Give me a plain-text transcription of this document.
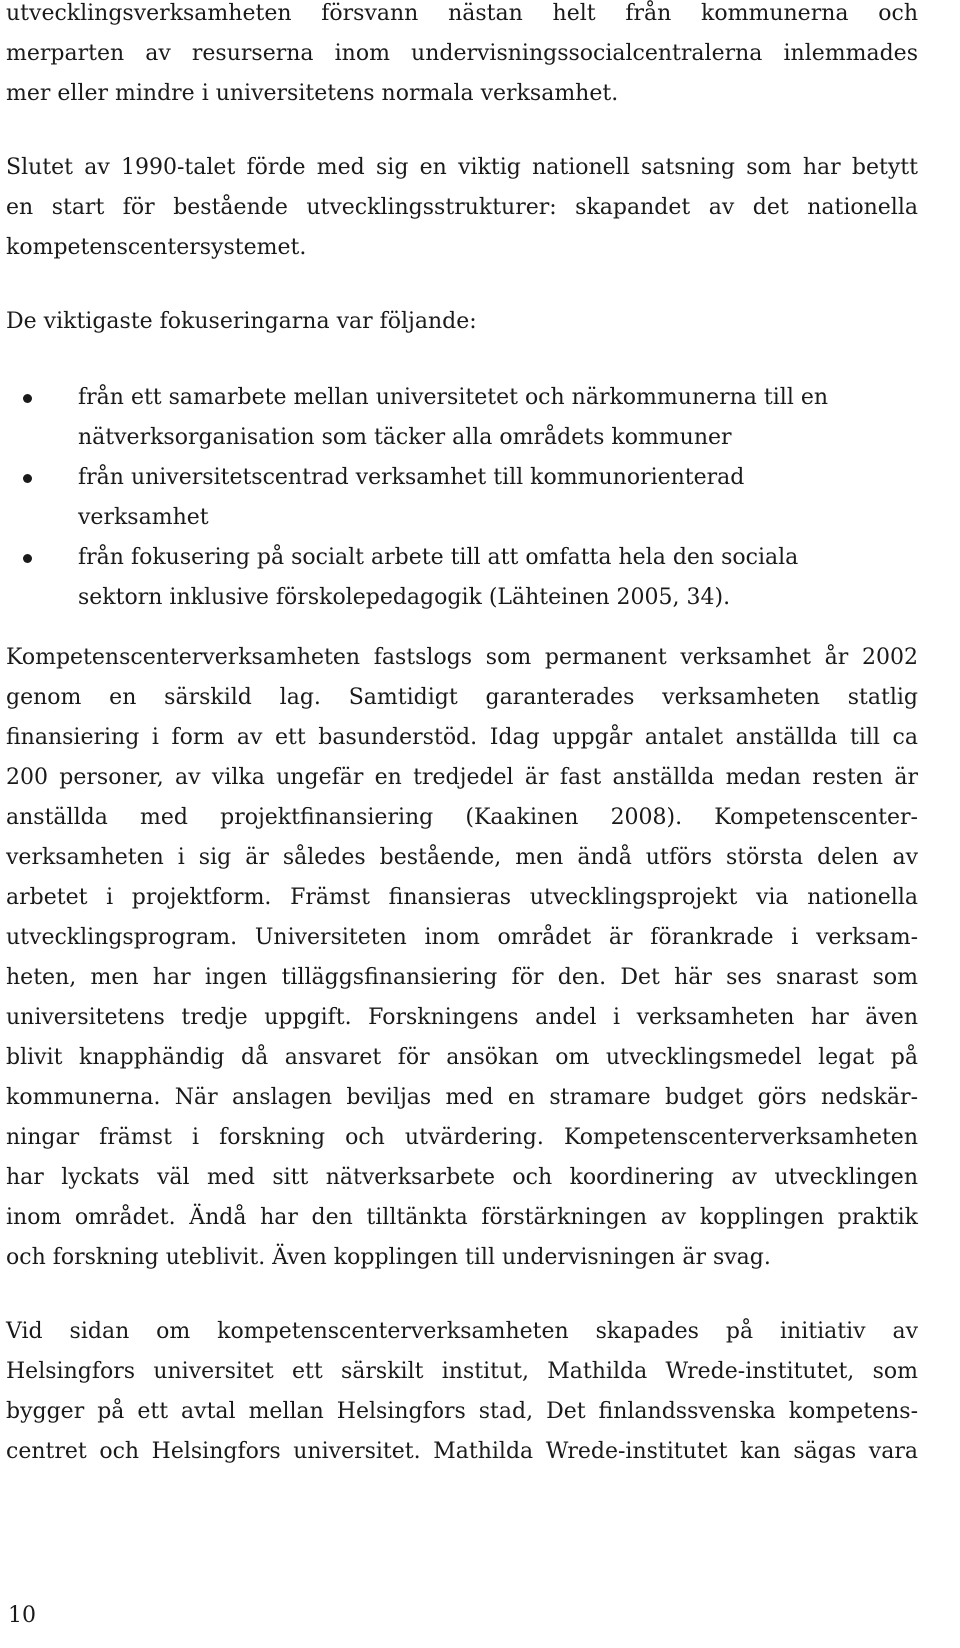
utvecklingsverksamheten försvann nästan helt från kommunerna och
merparten av resurserna inom undervisningssocialcentralerna inlemmades
mer eller mindre i universitetens normala verksamhet.
Slutet av 1990-talet förde med sig en viktig nationell satsning som har betytt
en start för bestående utvecklingsstrukturer: skapandet av det nationella
kompetenscentersystemet.
De viktigaste fokuseringarna var följande:
från ett samarbete mellan universitetet och närkommunerna till en
nätverksorganisation som täcker alla områdets kommuner
från universitetscentrad verksamhet till kommunorienterad
verksamhet
från fokusering på socialt arbete till att omfatta hela den sociala
sektorn inklusive förskolepedagogik (Lähteinen 2005, 34).
Kompetenscenterverksamheten fastslogs som permanent verksamhet år 2002
genom en särskild lag. Samtidigt garanterades verksamheten statlig
finansiering i form av ett basunderstöd. Idag uppgår antalet anställda till ca
200 personer, av vilka ungefär en tredjedel är fast anställda medan resten är
anställda med projektfinansiering (Kaakinen 2008). Kompetenscenter-
verksamheten i sig är således bestående, men ändå utförs största delen av
arbetet i projektform. Främst finansieras utvecklingsprojekt via nationella
utvecklingsprogram. Universiteten inom området är förankrade i verksam-
heten, men har ingen tilläggsfinansiering för den. Det här ses snarast som
universitetens tredje uppgift. Forskningens andel i verksamheten har även
blivit knapphändig då ansvaret för ansökan om utvecklingsmedel legat på
kommunerna. När anslagen beviljas med en stramare budget görs nedskär-
ningar främst i forskning och utvärdering. Kompetenscenterverksamheten
har lyckats väl med sitt nätverksarbete och koordinering av utvecklingen
inom området. Ändå har den tilltänkta förstärkningen av kopplingen praktik
och forskning uteblivit. Även kopplingen till undervisningen är svag.
Vid sidan om kompetenscenterverksamheten skapades på initiativ av
Helsingfors universitet ett särskilt institut, Mathilda Wrede-institutet, som
bygger på ett avtal mellan Helsingfors stad, Det finlandssvenska kompetens-
centret och Helsingfors universitet. Mathilda Wrede-institutet kan sägas vara
10
